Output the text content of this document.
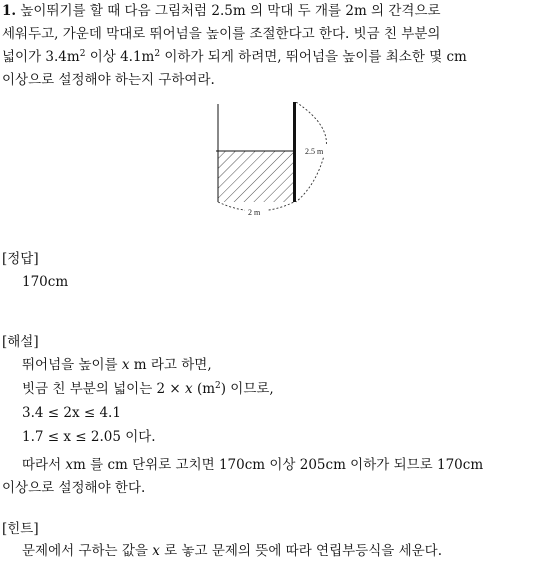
1. 높이뛰기를 할 때 다음 그림처럼 2.5m 의 막대 두 개를 2m 의 간격으로
세워두고, 가운데 막대로 뛰어넘을 높이를 조절한다고 한다. 빗금 친 부분의
넓이가 $3.4m^2$ 이상 $4.1m^2$ 이하가 되게 하려면, 뛰어넘을 높이를 최소한 몇 cm
이상으로 설정해야 하는지 구하여라.
2.5 m
2 m
[정답]
170cm
[해설]
뛰어넘을 높이를 x m 라고 하면,
빗금 친 부분의 넓이는 2 × x $(m^2)$ 이므로,
3.4 ≤ 2x ≤ 4.1
1.7 ≤ x ≤ 2.05 이다.
따라서 xm 를 cm 단위로 고치면 170cm 이상 205cm 이하가 되므로 170cm
이상으로 설정해야 한다.
[힌트]
문제에서 구하는 값을 x 로 놓고 문제의 뜻에 따라 연립부등식을 세운다.
